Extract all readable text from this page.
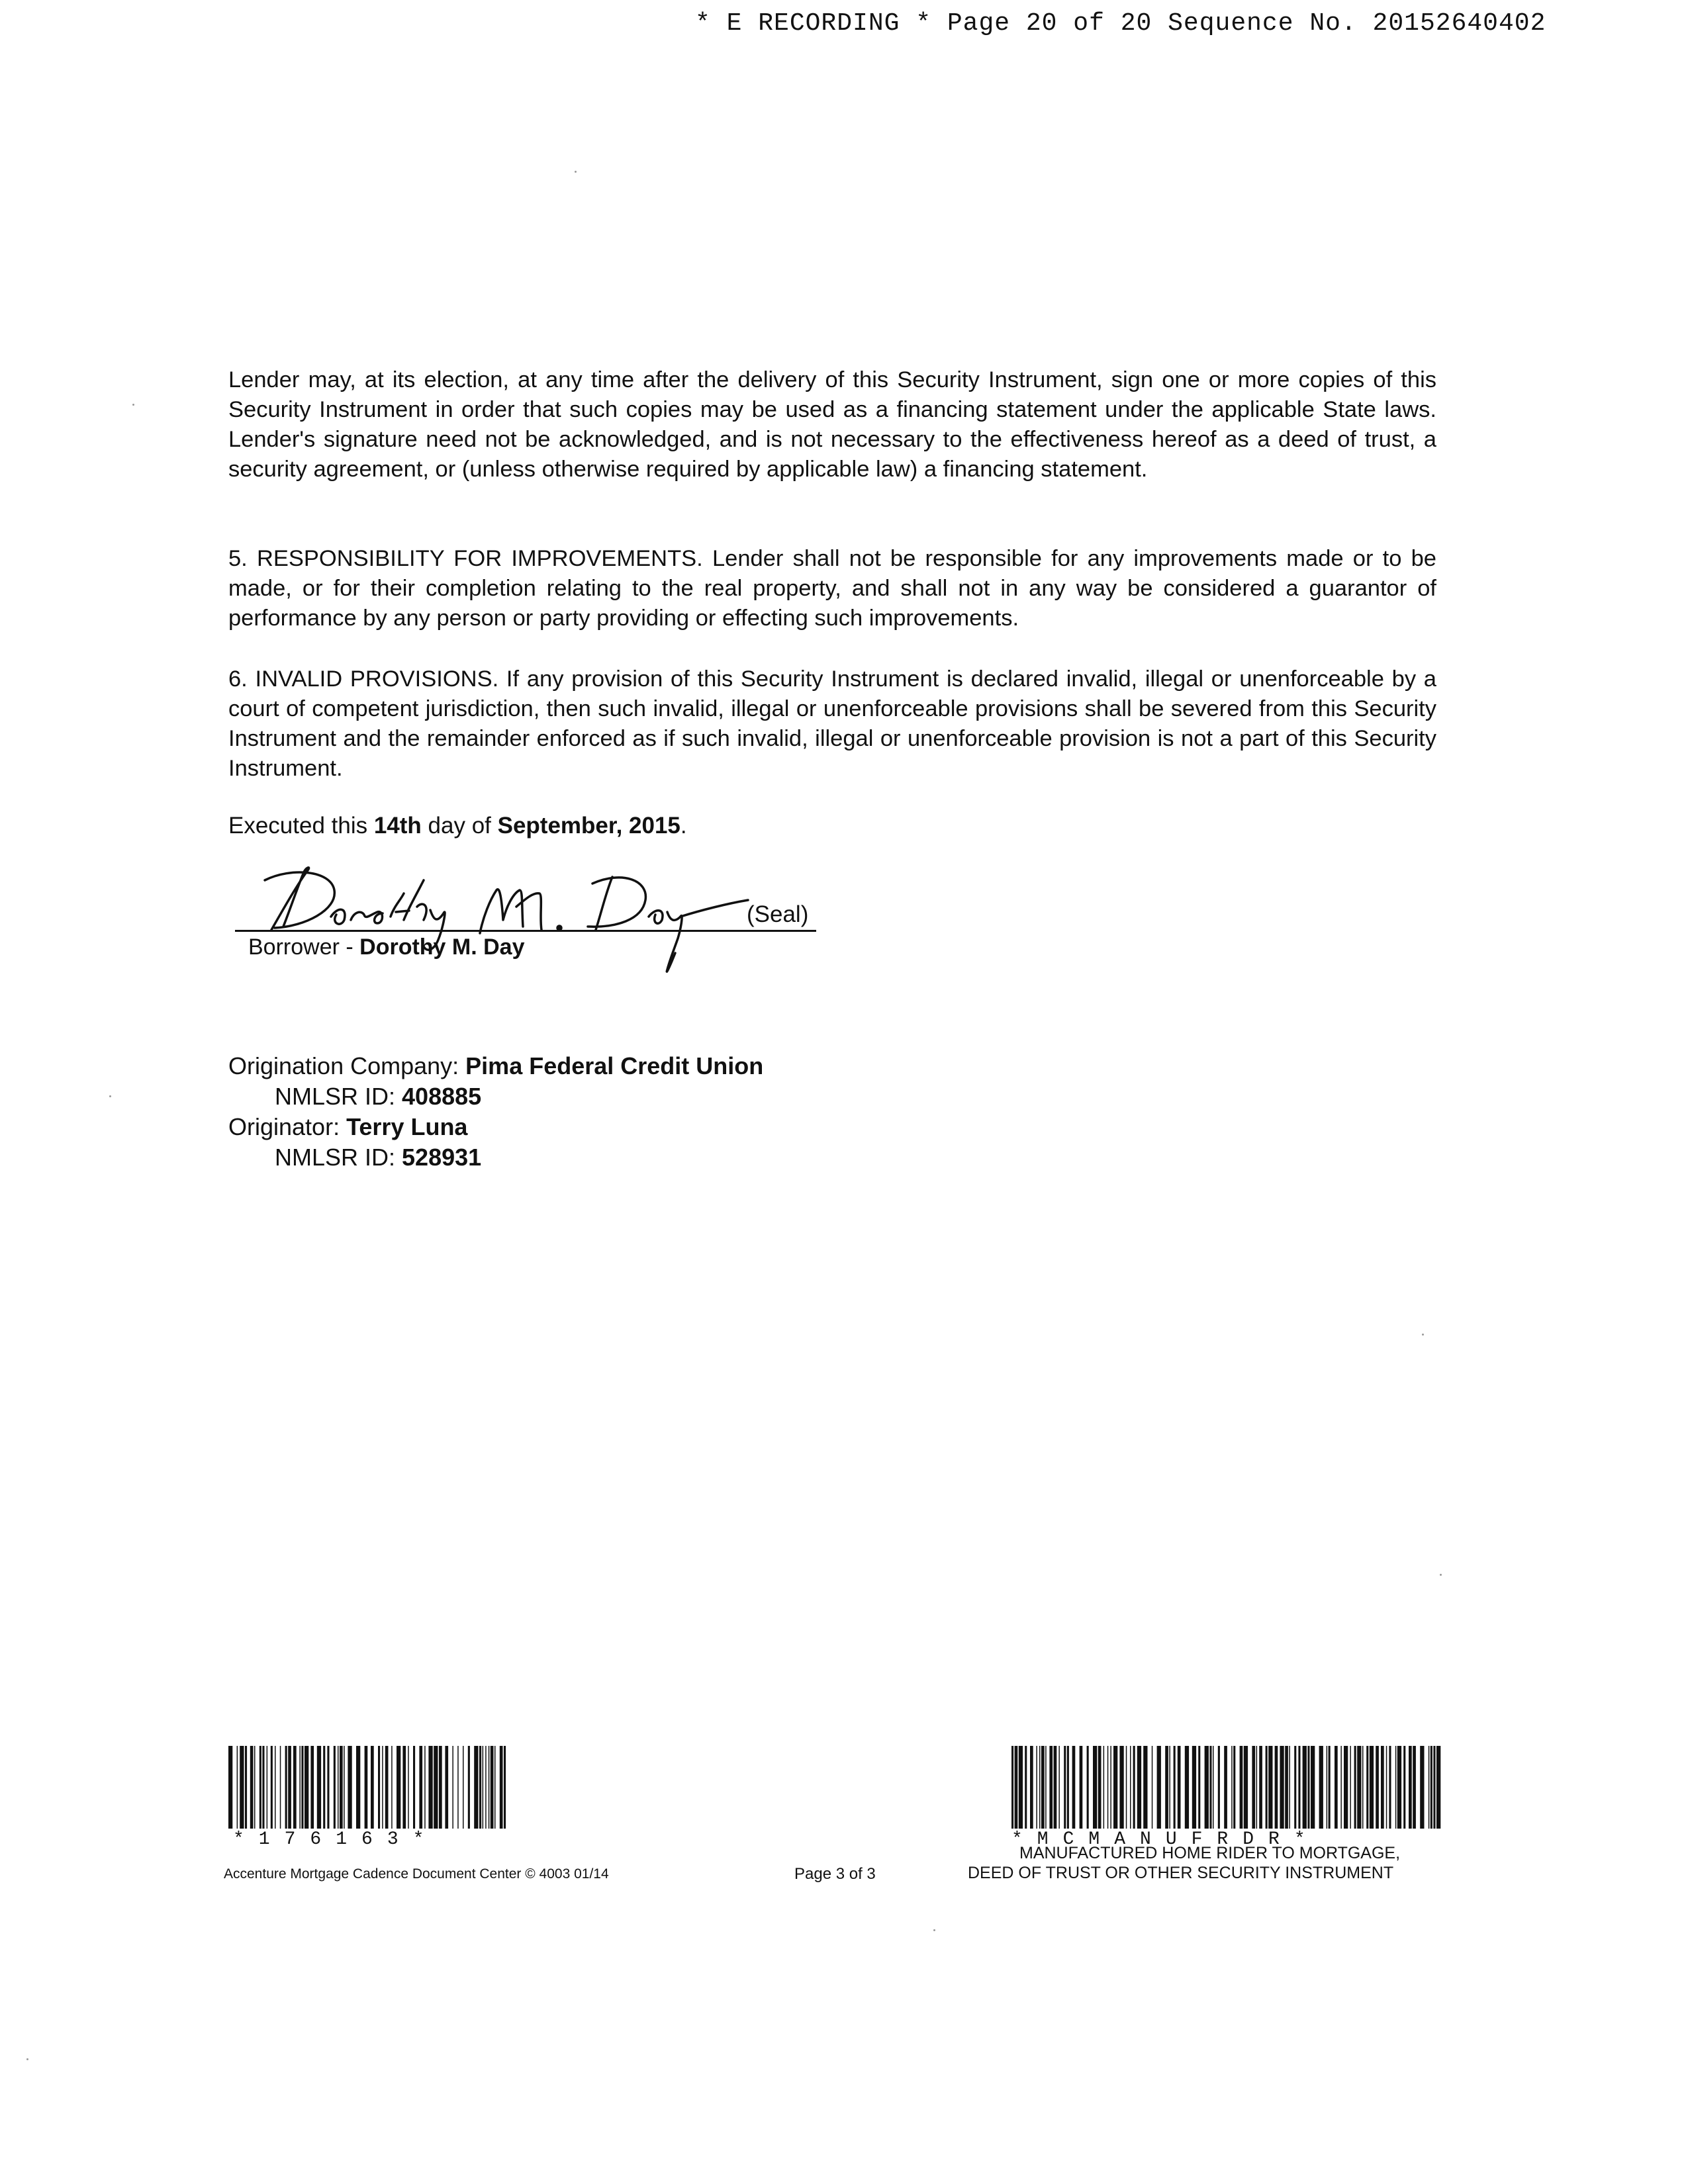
* E RECORDING * Page 20 of 20 Sequence No. 20152640402
Lender may, at its election, at any time after the delivery of this Security Instrument, sign one or more copies of this Security Instrument in order that such copies may be used as a financing statement under the applicable State laws. Lender's signature need not be acknowledged, and is not necessary to the effectiveness hereof as a deed of trust, a security agreement, or (unless otherwise required by applicable law) a financing statement.
5. RESPONSIBILITY FOR IMPROVEMENTS. Lender shall not be responsible for any improvements made or to be made, or for their completion relating to the real property, and shall not in any way be considered a guarantor of performance by any person or party providing or effecting such improvements.
6. INVALID PROVISIONS. If any provision of this Security Instrument is declared invalid, illegal or unenforceable by a court of competent jurisdiction, then such invalid, illegal or unenforceable provisions shall be severed from this Security Instrument and the remainder enforced as if such invalid, illegal or unenforceable provision is not a part of this Security Instrument.
Executed this 14th day of September, 2015.
(Seal)
Borrower - Dorothy M. Day
Origination Company: Pima Federal Credit Union
NMLSR ID: 408885
Originator: Terry Luna
NMLSR ID: 528931
*176163*	*MCMANUFRDR*
Accenture Mortgage Cadence Document Center © 4003 01/14	Page 3 of 3
MANUFACTURED HOME RIDER TO MORTGAGE,
DEED OF TRUST OR OTHER SECURITY INSTRUMENT
